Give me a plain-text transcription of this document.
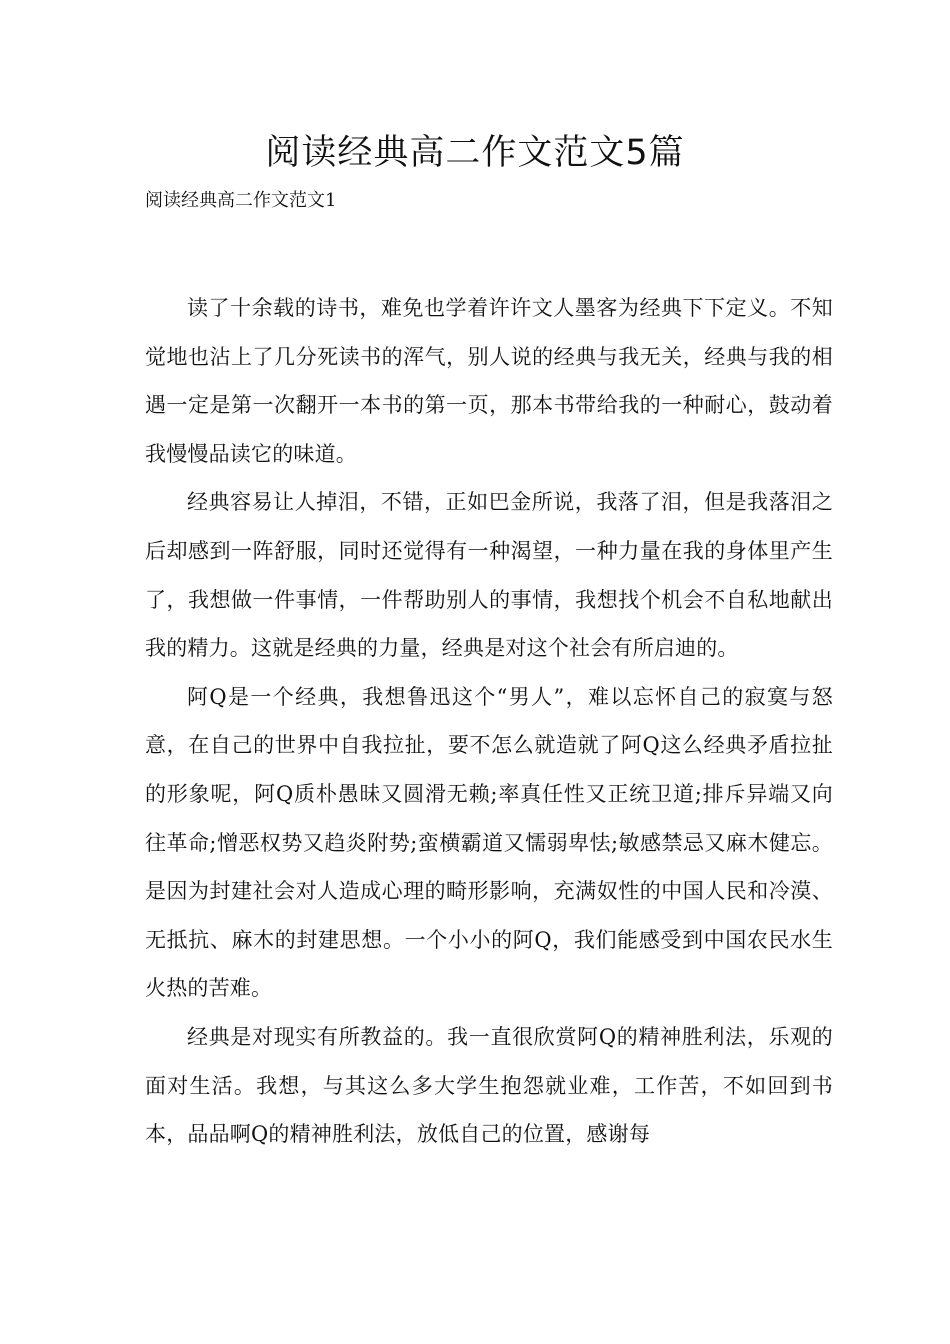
阅读经典高二作文范文5篇

阅读经典高二作文范文1

读了十余载的诗书，难免也学着许许文人墨客为经典下下定义。不知觉地也沾上了几分死读书的浑气，别人说的经典与我无关，经典与我的相遇一定是第一次翻开一本书的第一页，那本书带给我的一种耐心，鼓动着我慢慢品读它的味道。

经典容易让人掉泪，不错，正如巴金所说，我落了泪，但是我落泪之后却感到一阵舒服，同时还觉得有一种渴望，一种力量在我的身体里产生了，我想做一件事情，一件帮助别人的事情，我想找个机会不自私地献出我的精力。这就是经典的力量，经典是对这个社会有所启迪的。

阿Q是一个经典，我想鲁迅这个“男人”，难以忘怀自己的寂寞与怒意，在自己的世界中自我拉扯，要不怎么就造就了阿Q这么经典矛盾拉扯的形象呢，阿Q质朴愚昧又圆滑无赖;率真任性又正统卫道;排斥异端又向往革命;憎恶权势又趋炎附势;蛮横霸道又懦弱卑怯;敏感禁忌又麻木健忘。是因为封建社会对人造成心理的畸形影响，充满奴性的中国人民和冷漠、无抵抗、麻木的封建思想。一个小小的阿Q，我们能感受到中国农民水生火热的苦难。

经典是对现实有所教益的。我一直很欣赏阿Q的精神胜利法，乐观的面对生活。我想，与其这么多大学生抱怨就业难，工作苦，不如回到书本，品品啊Q的精神胜利法，放低自己的位置，感谢每
